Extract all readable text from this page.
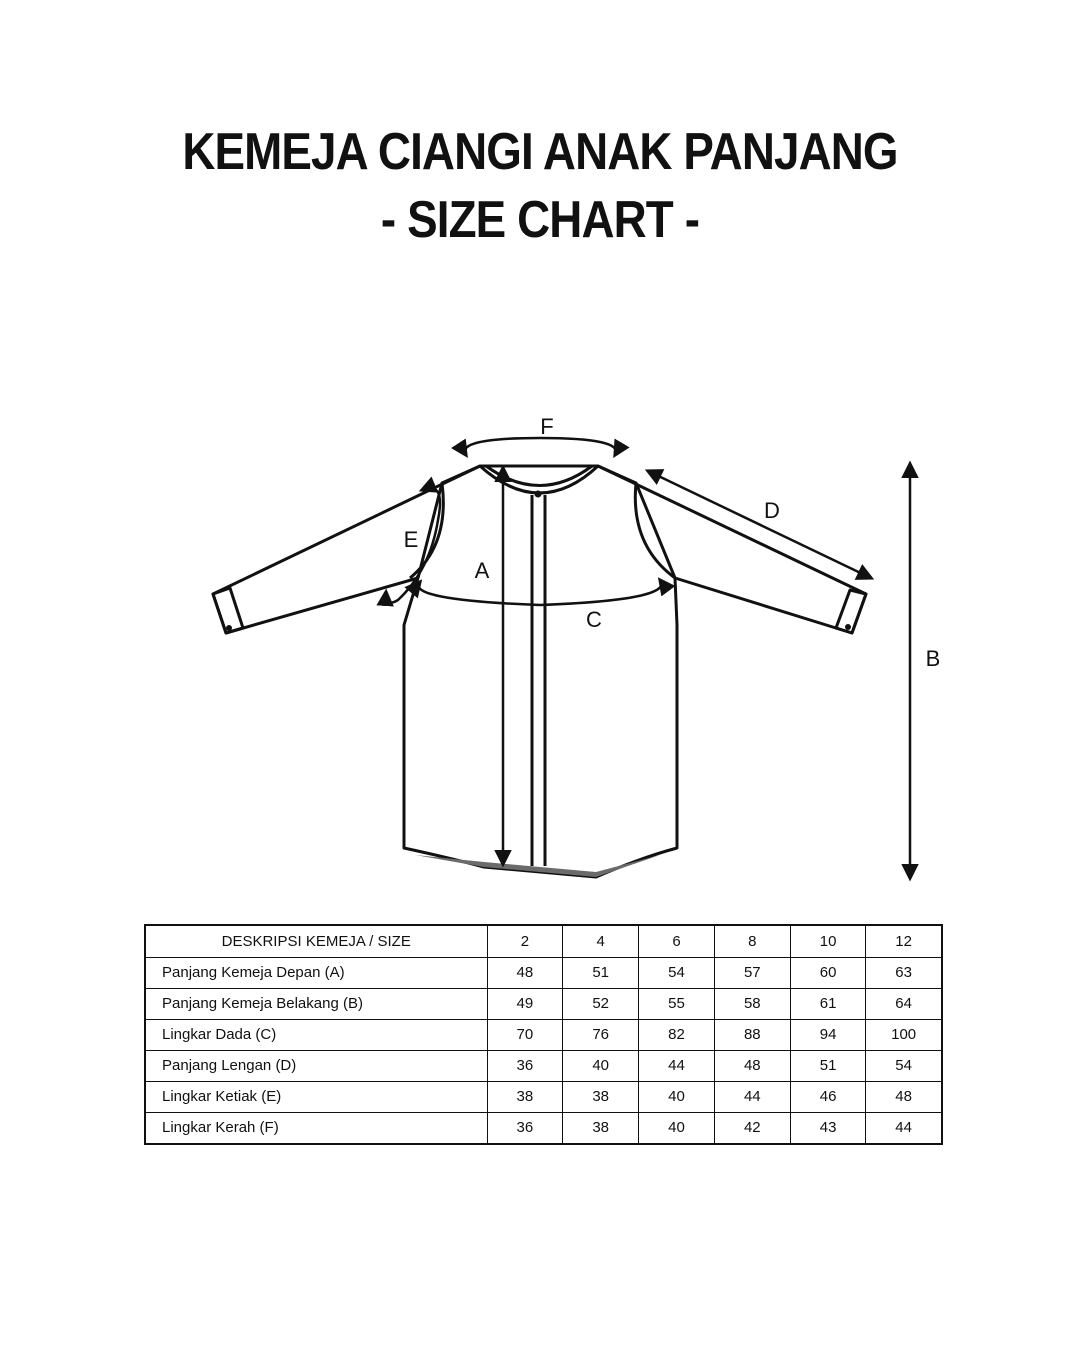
KEMEJA CIANGI ANAK PANJANG
- SIZE CHART -
F
D
E
A
C
B
DESKRIPSI KEMEJA / SIZE	2	4	6	8	10	12
Panjang Kemeja Depan (A)	48	51	54	57	60	63
Panjang Kemeja Belakang (B)	49	52	55	58	61	64
Lingkar Dada (C)	70	76	82	88	94	100
Panjang Lengan (D)	36	40	44	48	51	54
Lingkar Ketiak (E)	38	38	40	44	46	48
Lingkar Kerah (F)	36	38	40	42	43	44
